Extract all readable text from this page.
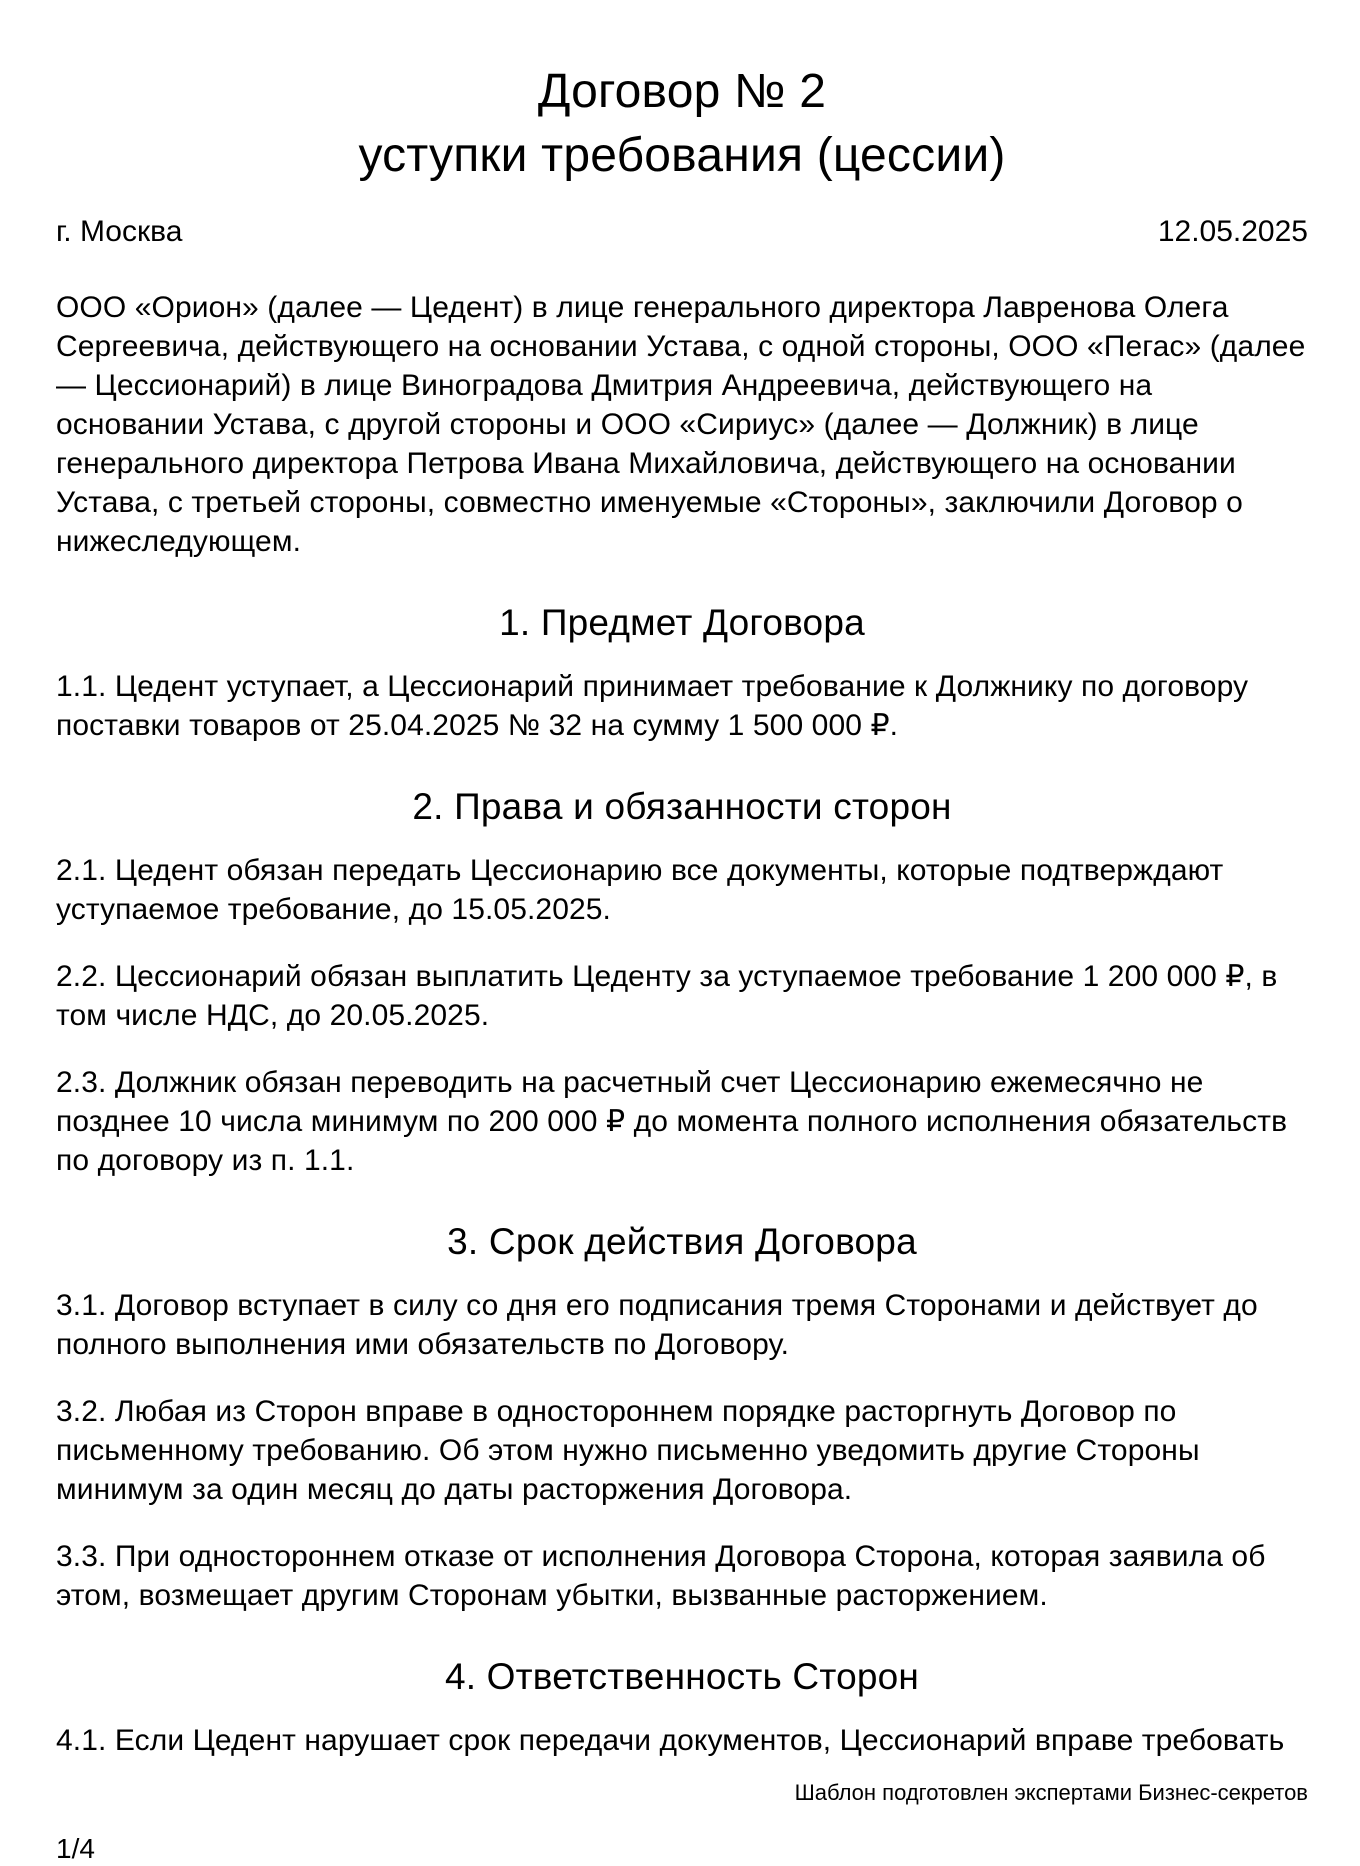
Договор № 2
уступки требования (цессии)
г. Москва	12.05.2025

ООО «Орион» (далее — Цедент) в лице генерального директора Лавренова Олега Сергеевича, действующего на основании Устава, с одной стороны, ООО «Пегас» (далее — Цессионарий) в лице Виноградова Дмитрия Андреевича, действующего на основании Устава, с другой стороны и ООО «Сириус» (далее — Должник) в лице генерального директора Петрова Ивана Михайловича, действующего на основании Устава, с третьей стороны, совместно именуемые «Стороны», заключили Договор о нижеследующем.

1. Предмет Договора

1.1. Цедент уступает, а Цессионарий принимает требование к Должнику по договору поставки товаров от 25.04.2025 № 32 на сумму 1 500 000 ₽.

2. Права и обязанности сторон

2.1. Цедент обязан передать Цессионарию все документы, которые подтверждают уступаемое требование, до 15.05.2025.

2.2. Цессионарий обязан выплатить Цеденту за уступаемое требование 1 200 000 ₽, в том числе НДС, до 20.05.2025.

2.3. Должник обязан переводить на расчетный счет Цессионарию ежемесячно не позднее 10 числа минимум по 200 000 ₽ до момента полного исполнения обязательств по договору из п. 1.1.

3. Срок действия Договора

3.1. Договор вступает в силу со дня его подписания тремя Сторонами и действует до полного выполнения ими обязательств по Договору.

3.2. Любая из Сторон вправе в одностороннем порядке расторгнуть Договор по письменному требованию. Об этом нужно письменно уведомить другие Стороны минимум за один месяц до даты расторжения Договора.

3.3. При одностороннем отказе от исполнения Договора Сторона, которая заявила об этом, возмещает другим Сторонам убытки, вызванные расторжением.

4. Ответственность Сторон

4.1. Если Цедент нарушает срок передачи документов, Цессионарий вправе требовать

Шаблон подготовлен экспертами Бизнес-секретов
1/4
